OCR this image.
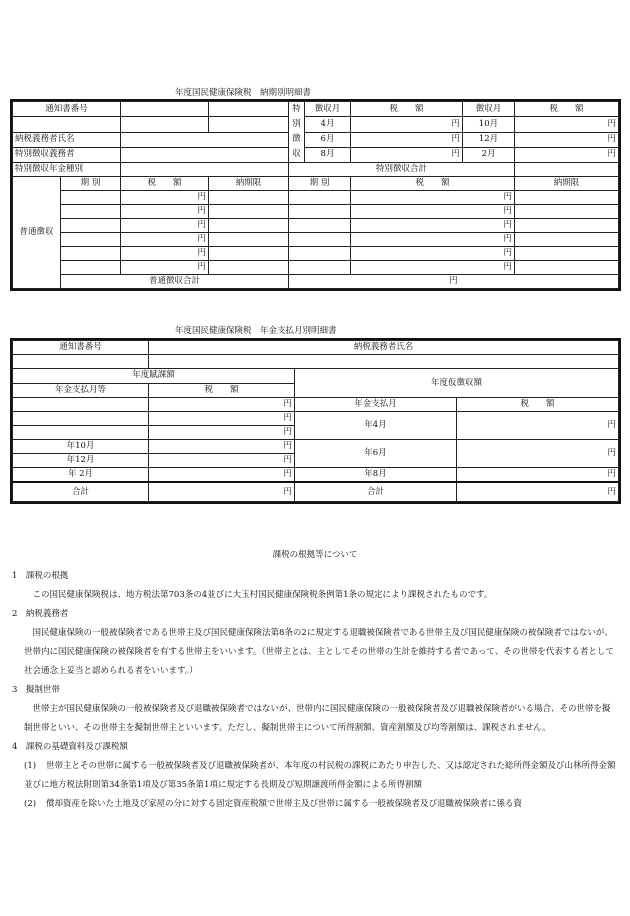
年度国民健康保険税　納期別明細書
通知書番号				特別徴収	徴収月	税　　額	徴収月	税　　額
					4月	円	10月	円
納税義務者氏名					6月	円	12月	円
特別徴収義務者					8月	円	2月	円
特別徴収年金種別				特別徴収合計				
普通徴収	期 別	税　　額	納期限	期 別		税　　額		納期限
		円				円		
		円				円		
		円				円		
		円				円		
		円				円		
		円				円		
	普通徴収合計			円				
年度国民健康保険税　年金支払月別明細書
通知書番号	納税義務者氏名		

年度賦課額		年度仮徴収額	
年金支払月等	税　　額		
	円	年金支払月	税　　額
	円	年4月	円
	円		
年10月	円	年6月	円
年12月	円		
年 2月	円	年8月	円
合計	円	合計	円
課税の根拠等について
1　課税の根拠
この国民健康保険税は、地方税法第703条の4並びに大玉村国民健康保険税条例第1条の規定により課税されたものです。
2　納税義務者
国民健康保険の一般被保険者である世帯主及び国民健康保険法第8条の2に規定する退職被保険者である世帯主及び国民健康保険の被保険者ではないが、世帯内に国民健康保険の被保険者を有する世帯主をいいます。（世帯主とは、主としてその世帯の生計を維持する者であって、その世帯を代表する者として社会通念上妥当と認められる者をいいます。）
3　擬制世帯
世帯主が国民健康保険の一般被保険者及び退職被保険者ではないが、世帯内に国民健康保険の一般被保険者及び退職被保険者がいる場合、その世帯を擬制世帯といい、その世帯主を擬制世帯主といいます。ただし、擬制世帯主について所得割額、資産割額及び均等割額は、課税されません。
4　課税の基礎資料及び課税額
(1) 世帯主とその世帯に属する一般被保険者及び退職被保険者が、本年度の村民税の課税にあたり申告した、又は認定された総所得金額及び山林所得金額並びに地方税法附則第34条第1項及び第35条第1項に規定する長期及び短期譲渡所得金額による所得割額
(2) 償却資産を除いた土地及び家屋の分に対する固定資産税額で世帯主及び世帯に属する一般被保険者及び退職被保険者に係る資
